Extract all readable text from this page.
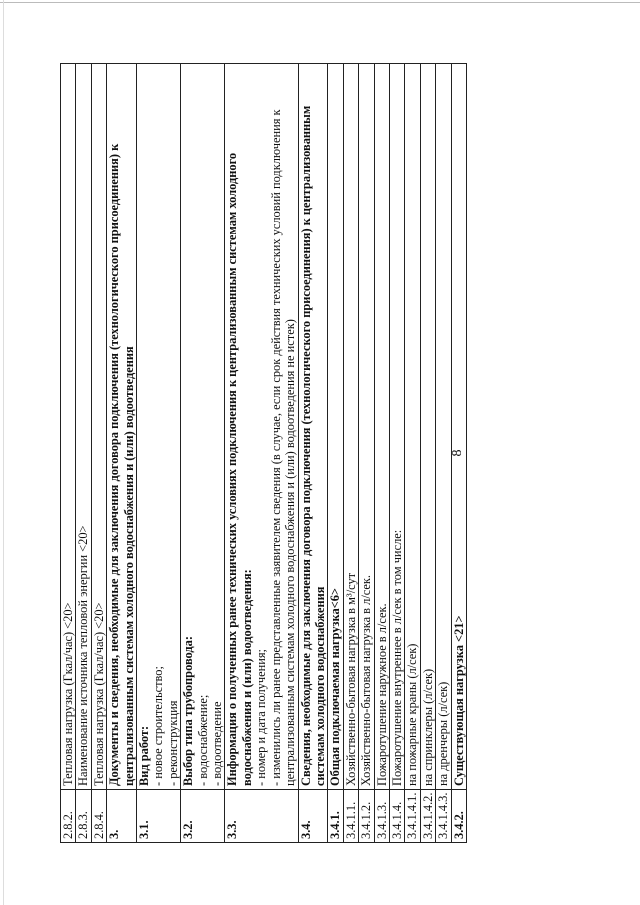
8
2.8.2.	Тепловая нагрузка (Гкал/час) <20>

2.8.3.	Наименование источника тепловой энергии <20>

2.8.4.	Тепловая нагрузка (Гкал/час) <20>

3.	Документы и сведения, необходимые для заключения договора подключения (технологического присоединения) к централизованным системам холодного водоснабжения и (или) водоотведения

3.1.	Вид работ: - новое строительство; - реконструкция

3.2.	Выбор типа трубопровода: - водоснабжение; - водоотведение

3.3.	Информация о полученных ранее технических условиях подключения к централизованным системам холодного водоснабжения и (или) водоотведения: - номер и дата получения; - изменились ли ранее представленные заявителем сведения (в случае, если срок действия технических условий подключения к централизованным системам холодного водоснабжения и (или) водоотведения не истек)

3.4.	Сведения, необходимые для заключения договора подключения (технологического присоединения) к централизованным системам холодного водоснабжения

3.4.1.	Общая подключаемая нагрузка<6>

3.4.1.1.	Хозяйственно-бытовая нагрузка в м³/сут

3.4.1.2.	Хозяйственно-бытовая нагрузка в л/сек.

3.4.1.3.	Пожаротушение наружное в л/сек.

3.4.1.4.	Пожаротушение внутреннее в л/сек в том числе:

3.4.1.4.1.	на пожарные краны (л/сек)

3.4.1.4.2.	на спринклеры (л/сек)

3.4.1.4.3.	на дренчеры (л/сек)

3.4.2.	Существующая нагрузка <21>
